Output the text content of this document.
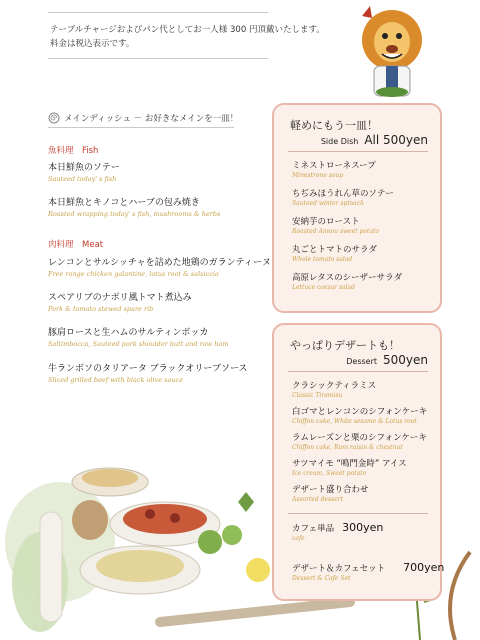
テーブルチャージおよびパン代としてお一人様 300 円頂戴いたします。
料金は税込表示です。
メインディッシュ － お好きなメインを一皿！
魚料理　Fish
本日鮮魚のソテー
Sauteed today' s fish
本日鮮魚とキノコとハーブの包み焼き
Roasted wrapping today' s fish, mushrooms & herbs
肉料理　Meat
レンコンとサルシッチャを詰めた地鶏のガランティーヌ
Free range chicken galantine, lotus root & salsiccia
スペアリブのナポリ風トマト煮込み
Pork & tomato stewed spare rib
豚肩ロースと生ハムのサルティンボッカ
Saltimbocca, Sauteed pork shoulder butt and raw ham
牛ランボソのタリアータ ブラックオリーブソース
Sliced grilled beef with black olive sauce
軽めにもう一皿！
Side Dish All 500yen
ミネストローネスープ
Minestrone soup
ちぢみほうれん草のソテー
Sauteed winter spinach
安納芋のロースト
Roasted Annou sweet potato
丸ごとトマトのサラダ
Whole tomato salad
高原レタスのシーザーサラダ
Lettuce caesar salad
やっぱりデザートも！
Dessert 500yen
クラシックティラミス
Classic Tiramisu
白ゴマとレンコンのシフォンケーキ
Chiffon cake, White sesame & Lotus root
ラムレーズンと栗のシフォンケーキ
Chiffon cake, Rum raisin & chestnut
サツマイモ “鳴門金時” アイス
Ice cream, Sweet potato
デザート盛り合わせ
Assorted dessert
カフェ単品 300yen
cafe
デザート＆カフェセット 700yen
Dessert & Cafe Set
